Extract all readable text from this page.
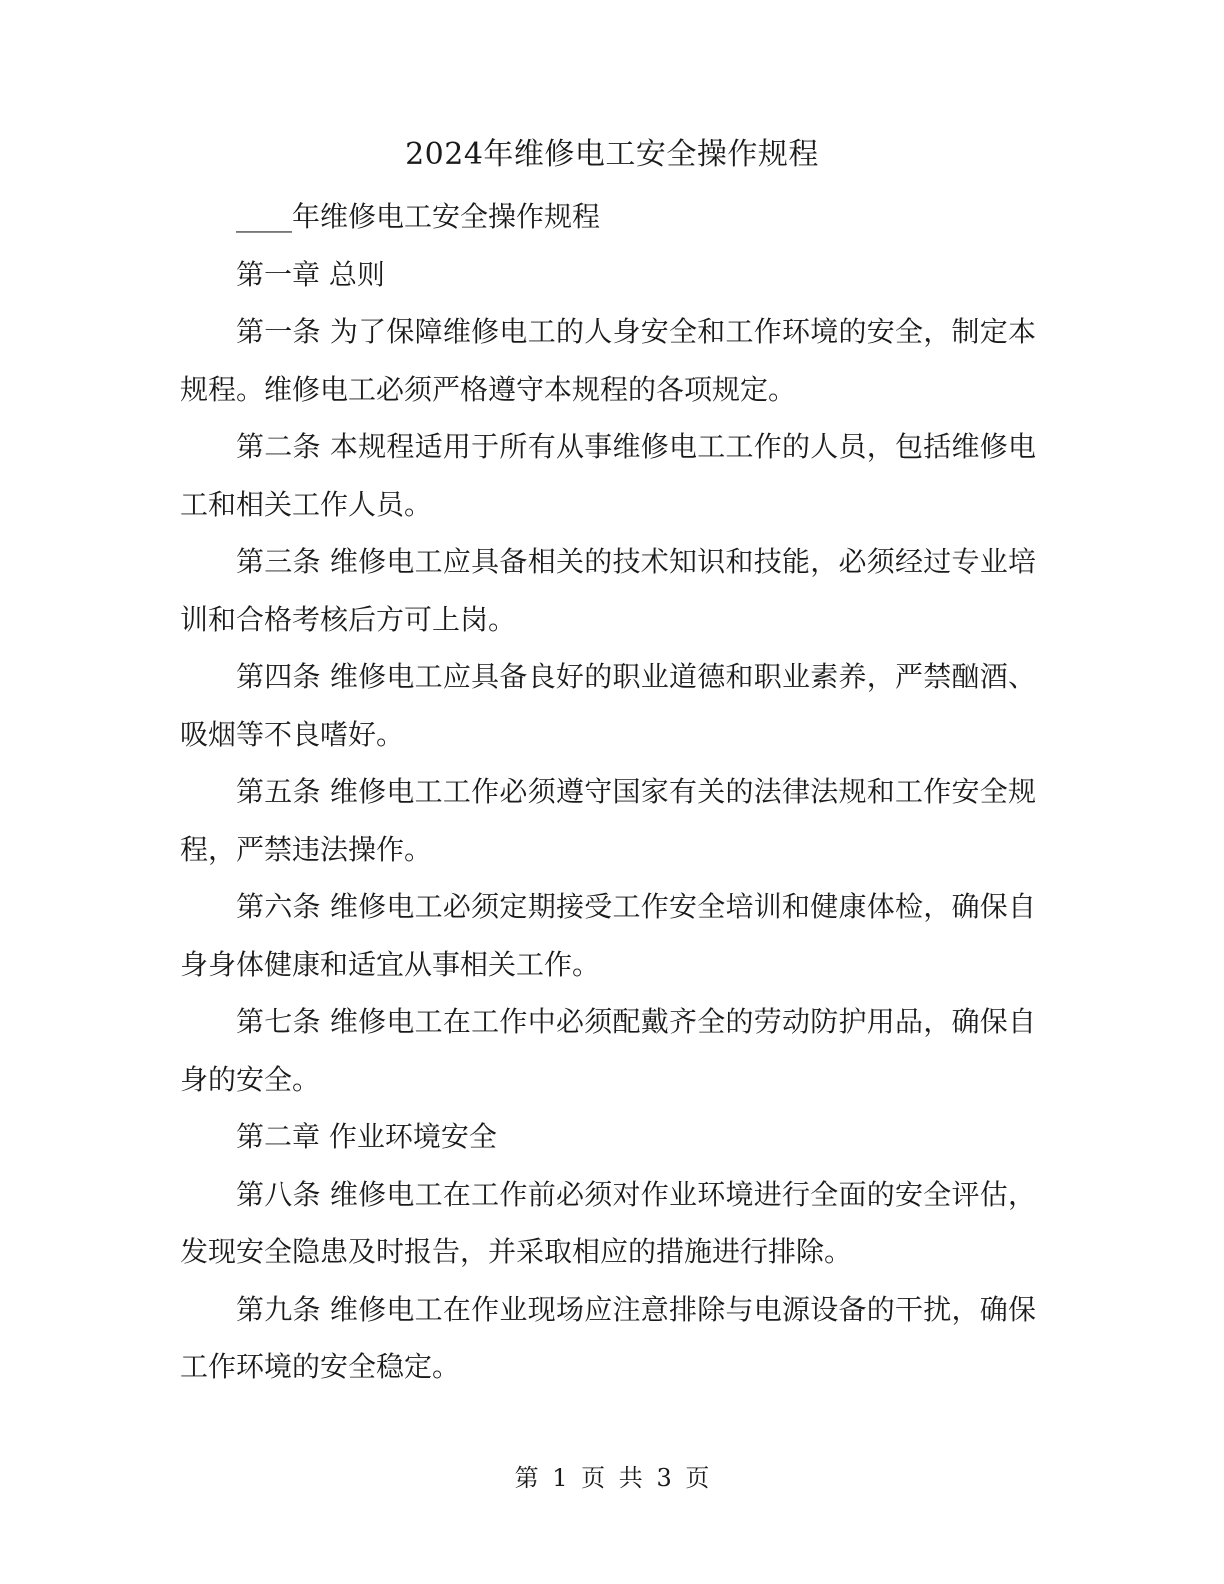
2024年维修电工安全操作规程

____年维修电工安全操作规程

第一章 总则

第一条 为了保障维修电工的人身安全和工作环境的安全，制定本规程。维修电工必须严格遵守本规程的各项规定。

第二条 本规程适用于所有从事维修电工工作的人员，包括维修电工和相关工作人员。

第三条 维修电工应具备相关的技术知识和技能，必须经过专业培训和合格考核后方可上岗。

第四条 维修电工应具备良好的职业道德和职业素养，严禁酗酒、吸烟等不良嗜好。

第五条 维修电工工作必须遵守国家有关的法律法规和工作安全规程，严禁违法操作。

第六条 维修电工必须定期接受工作安全培训和健康体检，确保自身身体健康和适宜从事相关工作。

第七条 维修电工在工作中必须配戴齐全的劳动防护用品，确保自身的安全。

第二章 作业环境安全

第八条 维修电工在工作前必须对作业环境进行全面的安全评估，发现安全隐患及时报告，并采取相应的措施进行排除。

第九条 维修电工在作业现场应注意排除与电源设备的干扰，确保工作环境的安全稳定。

第 1 页 共 3 页
